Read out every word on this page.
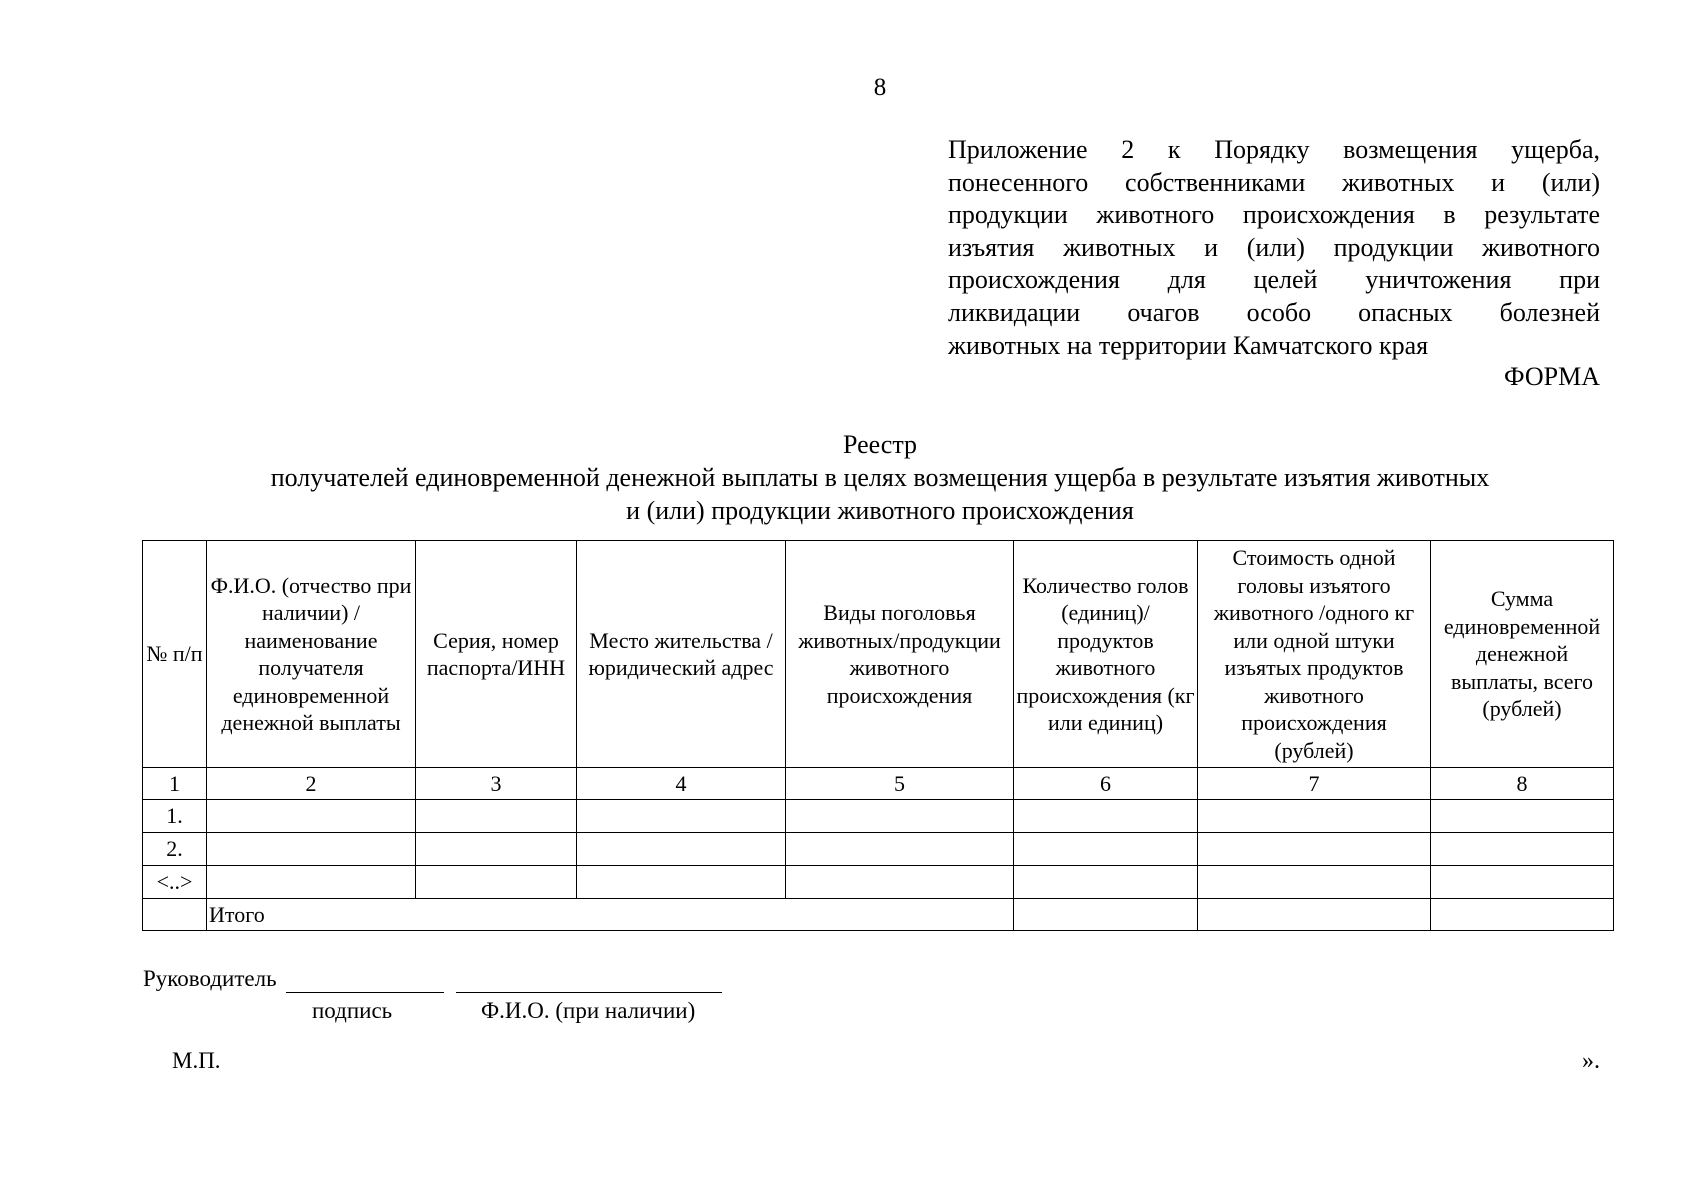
8
Приложение 2 к Порядку возмещения ущерба,
понесенного собственниками животных и (или)
продукции животного происхождения в результате
изъятия животных и (или) продукции животного
происхождения для целей уничтожения при
ликвидации очагов особо опасных болезней
животных на территории Камчатского края
ФОРМА
Реестр
получателей единовременной денежной выплаты в целях возмещения ущерба в результате изъятия животных
и (или) продукции животного происхождения
№ п/п	Ф.И.О. (отчество при наличии) / наименование получателя единовременной денежной выплаты	Серия, номер паспорта/ИНН	Место жительства / юридический адрес	Виды поголовья животных/продукции животного происхождения	Количество голов (единиц)/ продуктов животного происхождения (кг или единиц)	Стоимость одной головы изъятого животного /одного кг или одной штуки изъятых продуктов животного происхождения (рублей)	Сумма единовременной денежной выплаты, всего (рублей)
1	2	3	4	5	6	7	8
1.							
2.							
<..>							
	Итого						
Руководитель
подпись	Ф.И.О. (при наличии)
М.П.	».
